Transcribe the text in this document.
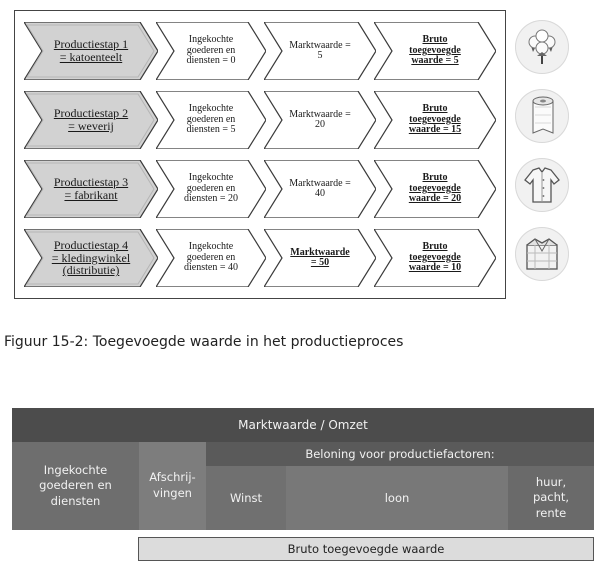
Productiestap 1
= katoenteelt
Ingekochte
goederen en
diensten = 0
Marktwaarde =
5
Bruto
toegevoegde
waarde = 5
Productiestap 2
= weverij
Ingekochte
goederen en
diensten = 5
Marktwaarde =
20
Bruto
toegevoegde
waarde = 15
Productiestap 3
= fabrikant
Ingekochte
goederen en
diensten = 20
Marktwaarde =
40
Bruto
toegevoegde
waarde = 20
Productiestap 4
= kledingwinkel
(distributie)
Ingekochte
goederen en
diensten = 40
Marktwaarde
= 50
Bruto
toegevoegde
waarde = 10
Figuur 15-2: Toegevoegde waarde in het productieproces
Marktwaarde / Omzet
Ingekochte
goederen en
diensten
Afschrij-
vingen
Beloning voor productiefactoren:
Winst	loon
huur,
pacht,
rente
Bruto toegevoegde waarde
